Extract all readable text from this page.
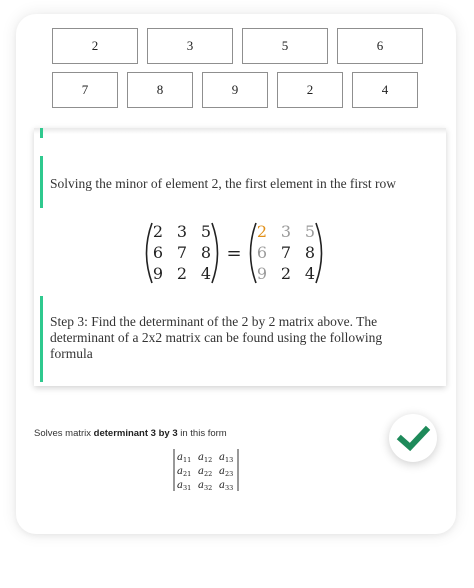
2	3	5	6
7	8	9	2	4
Solving the minor of element 2, the first element in the first row
2 3 5
6 7 8
9 2 4
=
2 3 5
6 7 8
9 2 4
Step 3: Find the determinant of the 2 by 2 matrix above. The determinant of a 2x2 matrix can be found using the following formula
Solves matrix determinant 3 by 3 in this form
$a_{11}$ $a_{12}$ $a_{13}$
$a_{21}$ $a_{22}$ $a_{23}$
$a_{31}$ $a_{32}$ $a_{33}$
